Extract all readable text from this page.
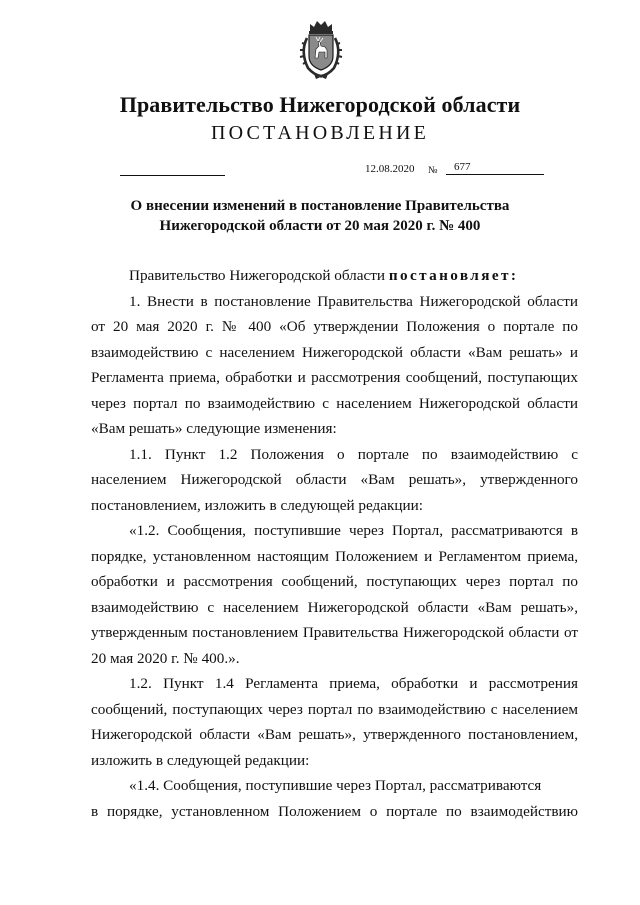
Правительство Нижегородской области
ПОСТАНОВЛЕНИЕ
12.08.2020 №	677
О внесении изменений в постановление Правительства
Нижегородской области от 20 мая 2020 г. № 400

Правительство Нижегородской области постановляет:

1. Внести в постановление Правительства Нижегородской области от 20 мая 2020 г. № 400 «Об утверждении Положения о портале по взаимодействию с населением Нижегородской области «Вам решать» и Регламента приема, обработки и рассмотрения сообщений, поступающих через портал по взаимодействию с населением Нижегородской области «Вам решать» следующие изменения:

1.1. Пункт 1.2 Положения о портале по взаимодействию с населением Нижегородской области «Вам решать», утвержденного постановлением, изложить в следующей редакции:

«1.2. Сообщения, поступившие через Портал, рассматриваются в порядке, установленном настоящим Положением и Регламентом приема, обработки и рассмотрения сообщений, поступающих через портал по взаимодействию с населением Нижегородской области «Вам решать», утвержденным постановлением Правительства Нижегородской области от 20 мая 2020 г. № 400.».

1.2. Пункт 1.4 Регламента приема, обработки и рассмотрения сообщений, поступающих через портал по взаимодействию с населением Нижегородской области «Вам решать», утвержденного постановлением, изложить в следующей редакции:

«1.4. Сообщения, поступившие через Портал, рассматриваются

в порядке, установленном Положением о портале по взаимодействию
